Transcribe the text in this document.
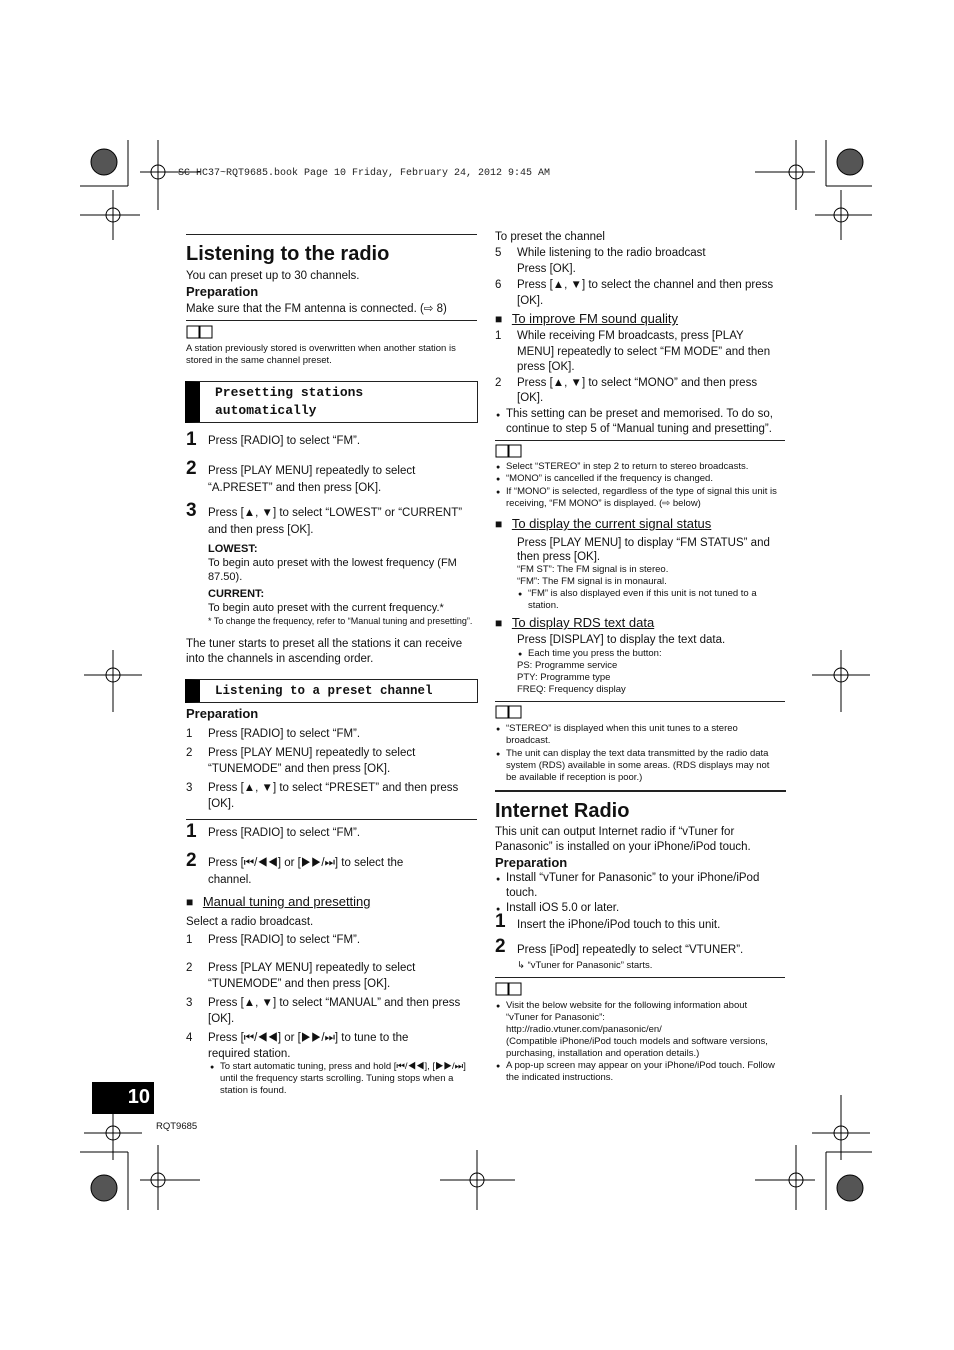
SC-HC37~RQT9685.book Page 10 Friday, February 24, 2012 9:45 AM
Listening to the radio
You can preset up to 30 channels.
Preparation
Make sure that the FM antenna is connected. (⇨ 8)
A station previously stored is overwritten when another station is stored in the same channel preset.
Presetting stations
automatically
1 Press [RADIO] to select “FM”.
2 Press [PLAY MENU] repeatedly to select “A.PRESET” and then press [OK].
3 Press [▲, ▼] to select “LOWEST” or “CURRENT” and then press [OK].
LOWEST:
To begin auto preset with the lowest frequency (FM 87.50).
CURRENT:
To begin auto preset with the current frequency.*
* To change the frequency, refer to “Manual tuning and presetting”.
The tuner starts to preset all the stations it can receive into the channels in ascending order.
Listening to a preset channel
Preparation
1 Press [RADIO] to select “FM”.
2 Press [PLAY MENU] repeatedly to select “TUNEMODE” and then press [OK].
3 Press [▲, ▼] to select “PRESET” and then press [OK].
1 Press [RADIO] to select “FM”.
2 Press [⏮/◀◀] or [▶▶/⏭] to select the channel.
■ Manual tuning and presetting
Select a radio broadcast.
1 Press [RADIO] to select “FM”.
2 Press [PLAY MENU] repeatedly to select “TUNEMODE” and then press [OK].
3 Press [▲, ▼] to select “MANUAL” and then press [OK].
4 Press [⏮/◀◀] or [▶▶/⏭] to tune to the required station.
To start automatic tuning, press and hold [⏮/◀◀], [▶▶/⏭] until the frequency starts scrolling. Tuning stops when a station is found.
To preset the channel
5 While listening to the radio broadcast Press [OK].
6 Press [▲, ▼] to select the channel and then press [OK].
■ To improve FM sound quality
1 While receiving FM broadcasts, press [PLAY MENU] repeatedly to select “FM MODE” and then press [OK].
2 Press [▲, ▼] to select “MONO” and then press [OK].
This setting can be preset and memorised. To do so, continue to step 5 of “Manual tuning and presetting”.
Select “STEREO” in step 2 to return to stereo broadcasts.
“MONO” is cancelled if the frequency is changed.
If “MONO” is selected, regardless of the type of signal this unit is receiving, “FM MONO” is displayed. (⇨ below)
■ To display the current signal status
Press [PLAY MENU] to display “FM STATUS” and then press [OK].
“FM ST”: The FM signal is in stereo.
“FM”: The FM signal is in monaural.
“FM” is also displayed even if this unit is not tuned to a station.
■ To display RDS text data
Press [DISPLAY] to display the text data.
Each time you press the button:
PS: Programme service
PTY: Programme type
FREQ: Frequency display
“STEREO” is displayed when this unit tunes to a stereo broadcast.
The unit can display the text data transmitted by the radio data system (RDS) available in some areas. (RDS displays may not be available if reception is poor.)
Internet Radio
This unit can output Internet radio if “vTuner for Panasonic” is installed on your iPhone/iPod touch.
Preparation
Install “vTuner for Panasonic” to your iPhone/iPod touch.
Install iOS 5.0 or later.
1 Insert the iPhone/iPod touch to this unit.
2 Press [iPod] repeatedly to select “VTUNER”.
↳ “vTuner for Panasonic” starts.
Visit the below website for the following information about “vTuner for Panasonic”:
http://radio.vtuner.com/panasonic/en/
(Compatible iPhone/iPod touch models and software versions, purchasing, installation and operation details.)
A pop-up screen may appear on your iPhone/iPod touch. Follow the indicated instructions.
10
RQT9685
